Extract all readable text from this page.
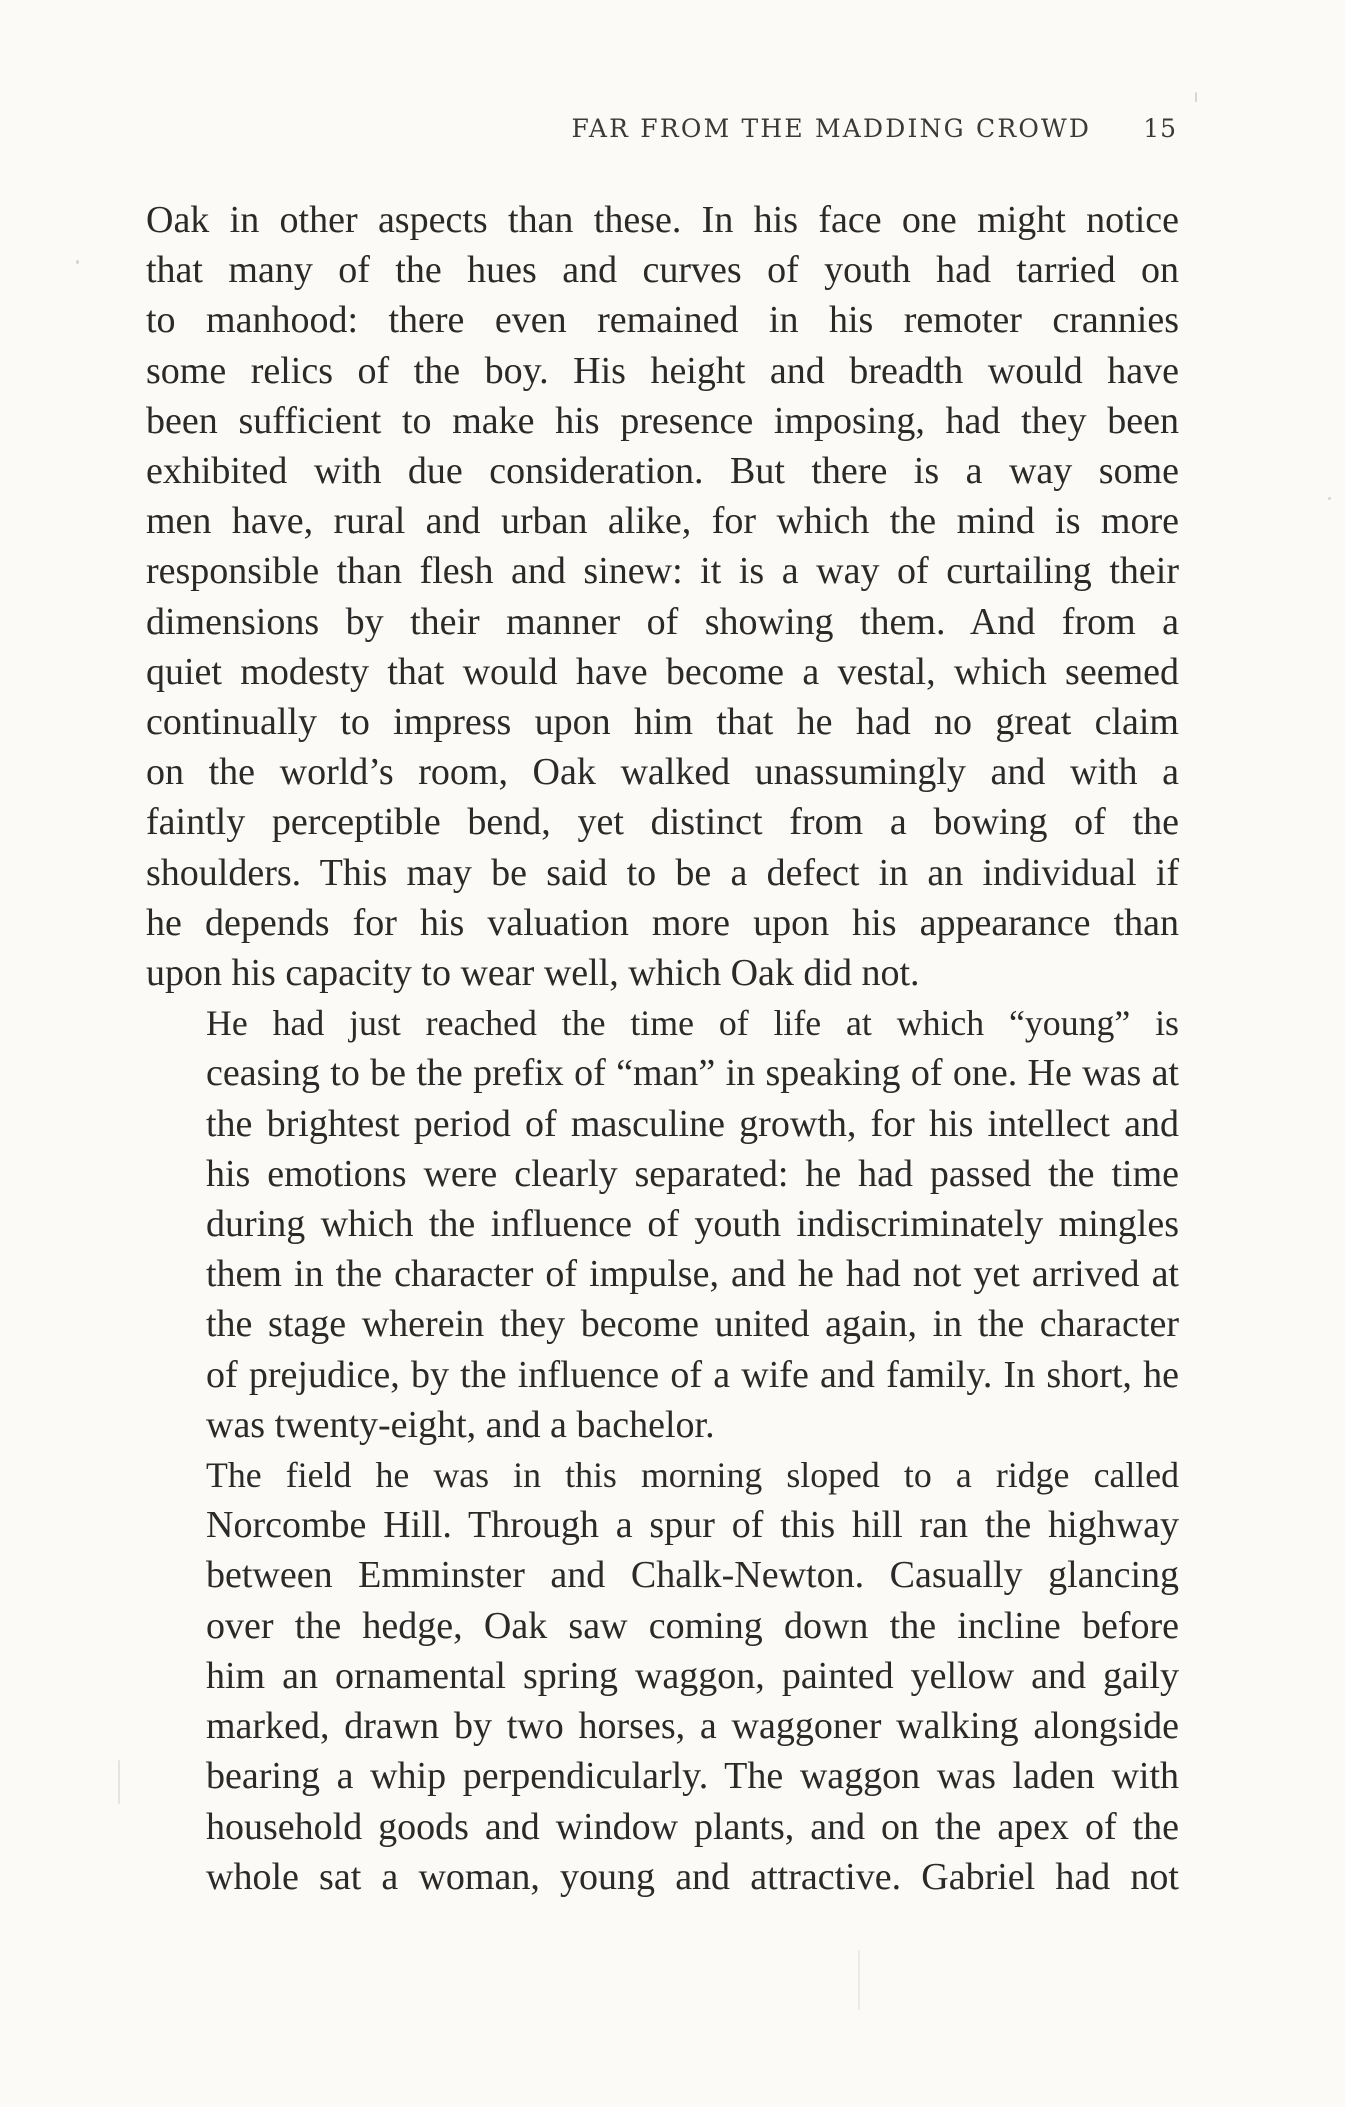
FAR FROM THE MADDING CROWD 15

Oak in other aspects than these. In his face one might notice
that many of the hues and curves of youth had tarried on
to manhood: there even remained in his remoter crannies
some relics of the boy. His height and breadth would have
been sufficient to make his presence imposing, had they been
exhibited with due consideration. But there is a way some
men have, rural and urban alike, for which the mind is more
responsible than flesh and sinew: it is a way of curtailing their
dimensions by their manner of showing them. And from a
quiet modesty that would have become a vestal, which seemed
continually to impress upon him that he had no great claim
on the world’s room, Oak walked unassumingly and with a
faintly perceptible bend, yet distinct from a bowing of the
shoulders. This may be said to be a defect in an individual if
he depends for his valuation more upon his appearance than
upon his capacity to wear well, which Oak did not.

He had just reached the time of life at which “young” is
ceasing to be the prefix of “man” in speaking of one. He was at
the brightest period of masculine growth, for his intellect and
his emotions were clearly separated: he had passed the time
during which the influence of youth indiscriminately mingles
them in the character of impulse, and he had not yet arrived at
the stage wherein they become united again, in the character
of prejudice, by the influence of a wife and family. In short, he
was twenty-eight, and a bachelor.

The field he was in this morning sloped to a ridge called
Norcombe Hill. Through a spur of this hill ran the highway
between Emminster and Chalk-Newton. Casually glancing
over the hedge, Oak saw coming down the incline before
him an ornamental spring waggon, painted yellow and gaily
marked, drawn by two horses, a waggoner walking alongside
bearing a whip perpendicularly. The waggon was laden with
household goods and window plants, and on the apex of the
whole sat a woman, young and attractive. Gabriel had not
